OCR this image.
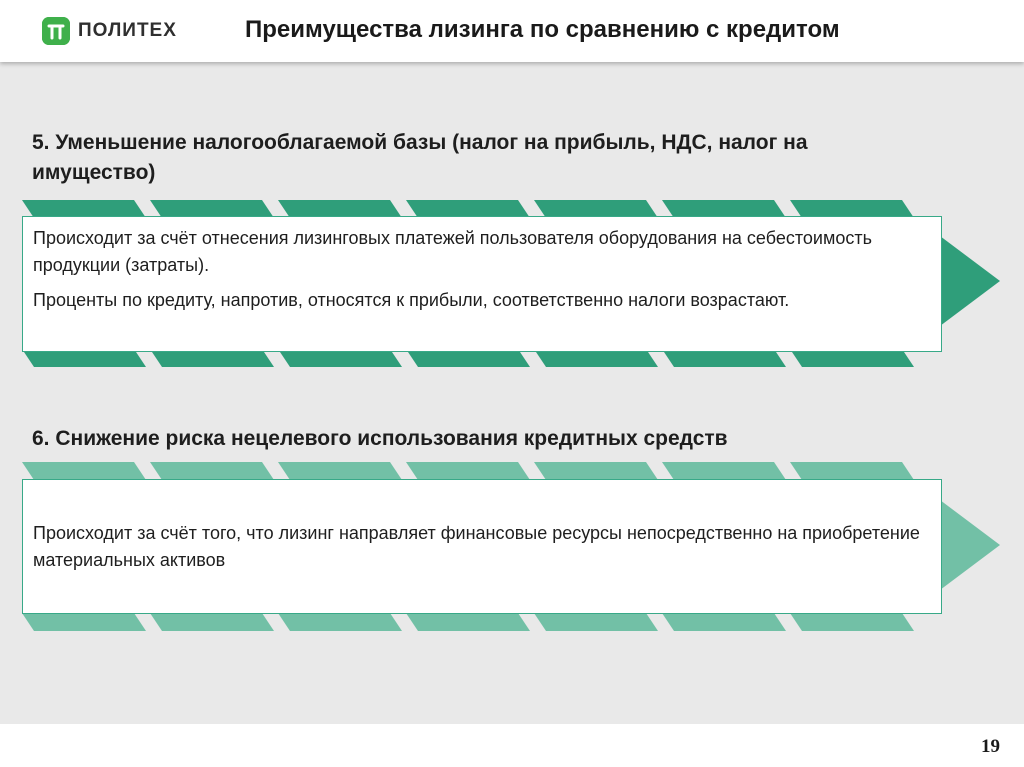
ПОЛИТЕХ	Преимущества лизинга по сравнению с кредитом
5. Уменьшение налогооблагаемой базы (налог на прибыль, НДС, налог на имущество)

Происходит за счёт отнесения лизинговых платежей пользователя оборудования на себестоимость продукции (затраты).

Проценты по кредиту, напротив, относятся к прибыли, соответственно налоги возрастают.

6. Снижение риска нецелевого использования кредитных средств

Происходит за счёт того, что лизинг направляет финансовые ресурсы непосредственно на приобретение материальных активов

19
